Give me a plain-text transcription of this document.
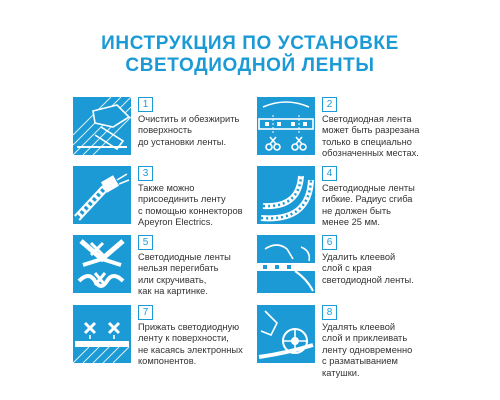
ИНСТРУКЦИЯ ПО УСТАНОВКЕ
СВЕТОДИОДНОЙ ЛЕНТЫ
1

Очистить и обезжирить
поверхность
до установки ленты.

2

Светодиодная лента
может быть разрезана
только в специально
обозначенных местах.

3

Также можно
присоединить ленту
с помощью коннекторов
Apeyron Electrics.

4

Светодиодные ленты
гибкие. Радиус сгиба
не должен быть
менее 25 мм.

5

Светодиодные ленты
нельзя перегибать
или скручивать,
как на картинке.

6

Удалить клеевой
слой с края
светодиодной ленты.

7

Прижать светодиодную
ленту к поверхности,
не касаясь электронных
компонентов.

8

Удалять клеевой
слой и приклеивать
ленту одновременно
с разматыванием
катушки.
